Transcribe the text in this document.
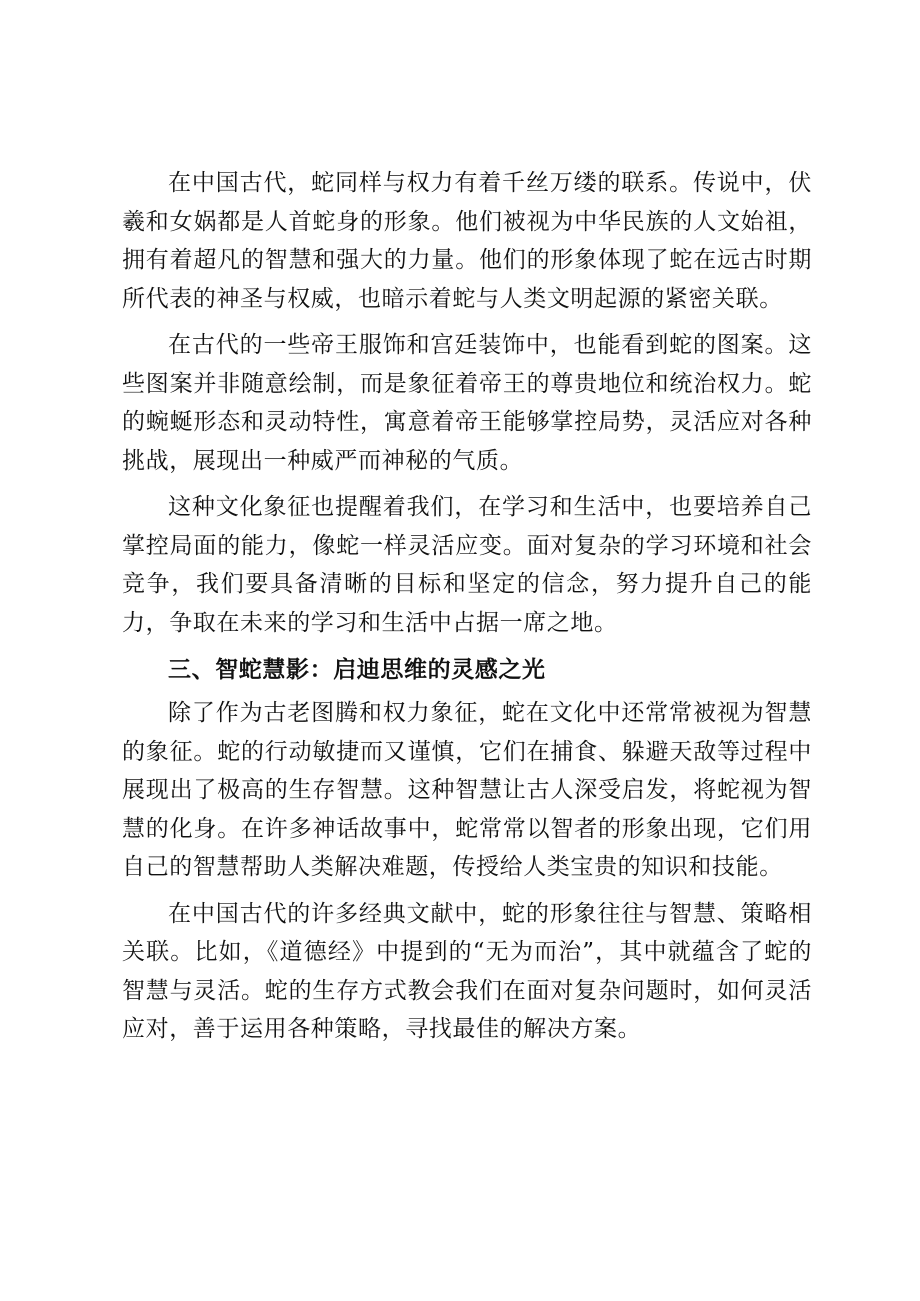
在中国古代，蛇同样与权力有着千丝万缕的联系。传说中，伏羲和女娲都是人首蛇身的形象。他们被视为中华民族的人文始祖，拥有着超凡的智慧和强大的力量。他们的形象体现了蛇在远古时期所代表的神圣与权威，也暗示着蛇与人类文明起源的紧密关联。

在古代的一些帝王服饰和宫廷装饰中，也能看到蛇的图案。这些图案并非随意绘制，而是象征着帝王的尊贵地位和统治权力。蛇的蜿蜒形态和灵动特性，寓意着帝王能够掌控局势，灵活应对各种挑战，展现出一种威严而神秘的气质。

这种文化象征也提醒着我们，在学习和生活中，也要培养自己掌控局面的能力，像蛇一样灵活应变。面对复杂的学习环境和社会竞争，我们要具备清晰的目标和坚定的信念，努力提升自己的能力，争取在未来的学习和生活中占据一席之地。

三、智蛇慧影：启迪思维的灵感之光

除了作为古老图腾和权力象征，蛇在文化中还常常被视为智慧的象征。蛇的行动敏捷而又谨慎，它们在捕食、躲避天敌等过程中展现出了极高的生存智慧。这种智慧让古人深受启发，将蛇视为智慧的化身。在许多神话故事中，蛇常常以智者的形象出现，它们用自己的智慧帮助人类解决难题，传授给人类宝贵的知识和技能。

在中国古代的许多经典文献中，蛇的形象往往与智慧、策略相关联。比如，《道德经》中提到的“无为而治”，其中就蕴含了蛇的智慧与灵活。蛇的生存方式教会我们在面对复杂问题时，如何灵活应对，善于运用各种策略，寻找最佳的解决方案。
